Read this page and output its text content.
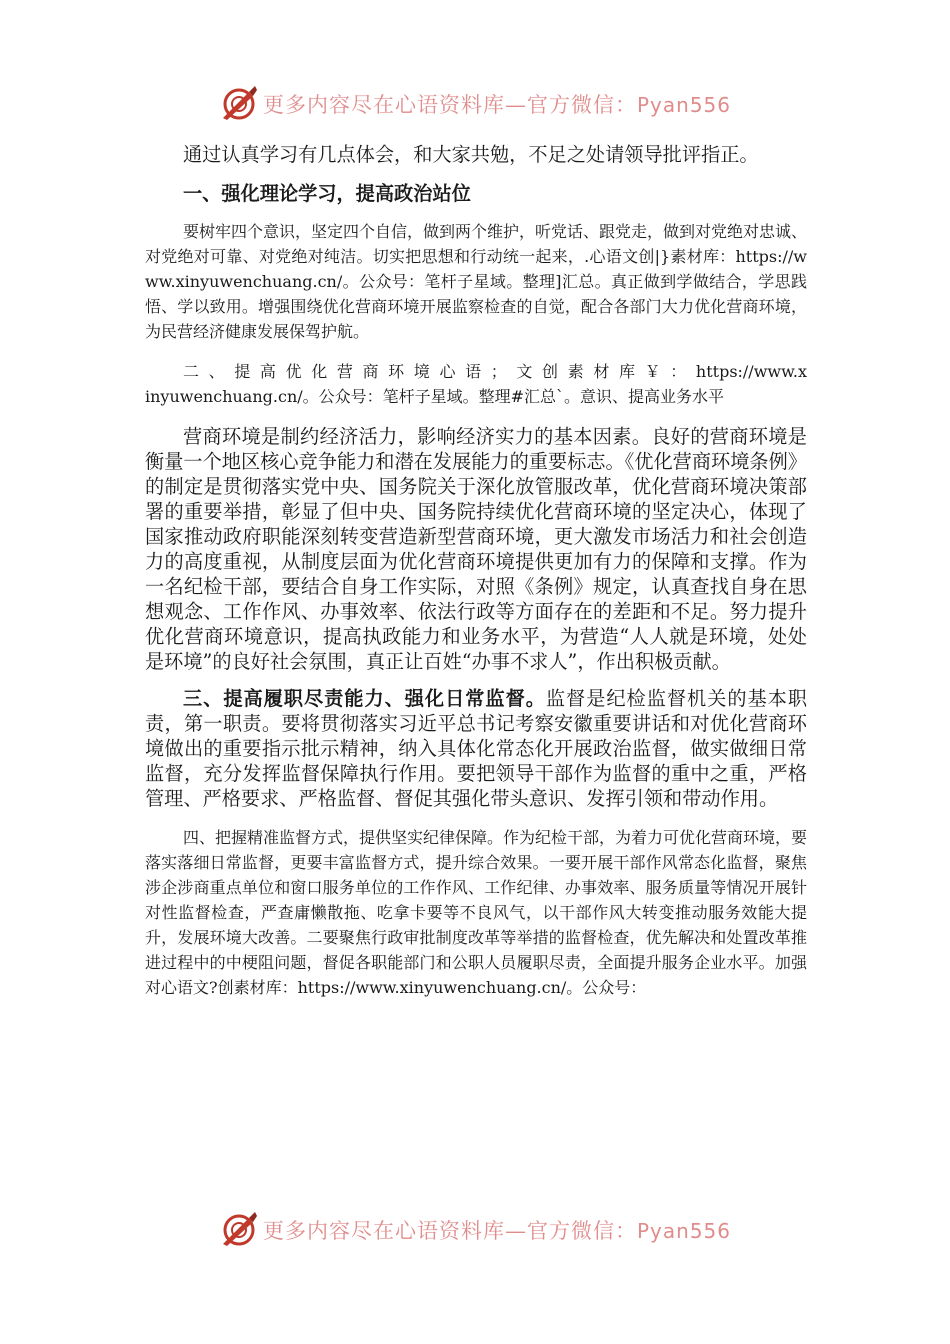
更多内容尽在心语资料库—官方微信：Pyan556

通过认真学习有几点体会，和大家共勉，不足之处请领导批评指正。

一、强化理论学习，提高政治站位

要树牢四个意识，坚定四个自信，做到两个维护，听党话、跟党走，做到对党绝对忠诚、对党绝对可靠、对党绝对纯洁。切实把思想和行动统一起来，.心语文创|}素材库：https://www.xinyuwenchuang.cn/。公众号：笔杆子星域。整理]汇总。真正做到学做结合，学思践悟、学以致用。增强围绕优化营商环境开展监察检查的自觉，配合各部门大力优化营商环境，为民营经济健康发展保驾护航。

二、提高优化营商环境心语；文创素材库￥：https://www.xinyuwenchuang.cn/。公众号：笔杆子星域。整理#汇总`。意识、提高业务水平

营商环境是制约经济活力，影响经济实力的基本因素。良好的营商环境是衡量一个地区核心竞争能力和潜在发展能力的重要标志。《优化营商环境条例》的制定是贯彻落实党中央、国务院关于深化放管服改革，优化营商环境决策部署的重要举措，彰显了但中央、国务院持续优化营商环境的坚定决心，体现了国家推动政府职能深刻转变营造新型营商环境，更大激发市场活力和社会创造力的高度重视，从制度层面为优化营商环境提供更加有力的保障和支撑。作为一名纪检干部，要结合自身工作实际，对照《条例》规定，认真查找自身在思想观念、工作作风、办事效率、依法行政等方面存在的差距和不足。努力提升优化营商环境意识，提高执政能力和业务水平，为营造“人人就是环境，处处是环境”的良好社会氛围，真正让百姓“办事不求人”，作出积极贡献。

三、提高履职尽责能力、强化日常监督。监督是纪检监督机关的基本职责，第一职责。要将贯彻落实习近平总书记考察安徽重要讲话和对优化营商环境做出的重要指示批示精神，纳入具体化常态化开展政治监督，做实做细日常监督，充分发挥监督保障执行作用。要把领导干部作为监督的重中之重，严格管理、严格要求、严格监督、督促其强化带头意识、发挥引领和带动作用。

四、把握精准监督方式，提供坚实纪律保障。作为纪检干部，为着力可优化营商环境，要落实落细日常监督，更要丰富监督方式，提升综合效果。一要开展干部作风常态化监督，聚焦涉企涉商重点单位和窗口服务单位的工作作风、工作纪律、办事效率、服务质量等情况开展针对性监督检查，严查庸懒散拖、吃拿卡要等不良风气，以干部作风大转变推动服务效能大提升，发展环境大改善。二要聚焦行政审批制度改革等举措的监督检查，优先解决和处置改革推进过程中的中梗阻问题，督促各职能部门和公职人员履职尽责，全面提升服务企业水平。加强对心语文?创素材库：https://www.xinyuwenchuang.cn/。公众号：

更多内容尽在心语资料库—官方微信：Pyan556
